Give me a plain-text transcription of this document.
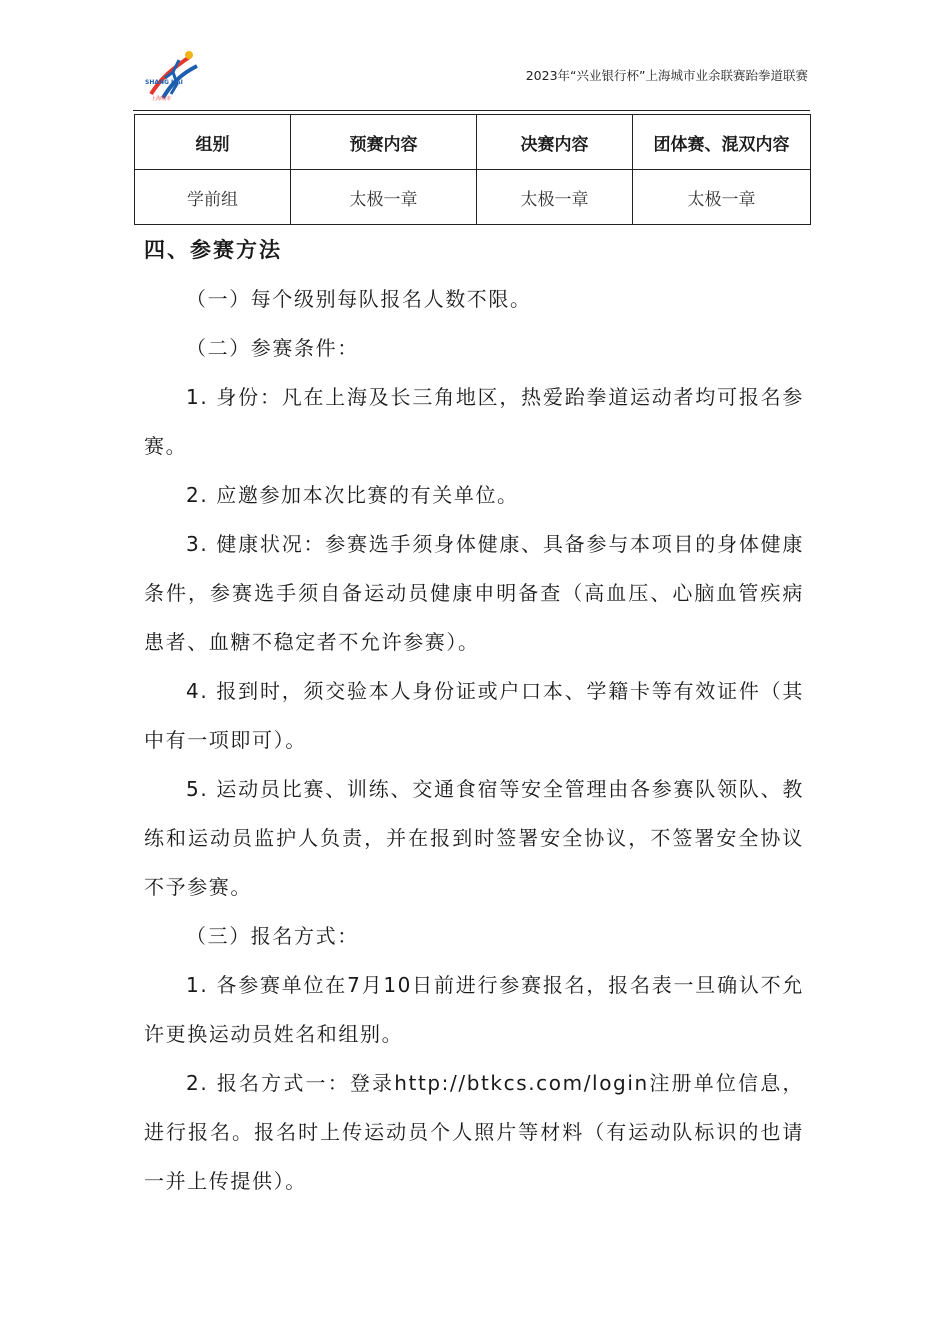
SHANG HAI
上海城市
2023年“兴业银行杯”上海城市业余联赛跆拳道联赛
组别	预赛内容	决赛内容	团体赛、混双内容
学前组	太极一章	太极一章	太极一章

四、参赛方法

（一）每个级别每队报名人数不限。

（二）参赛条件：

1. 身份：凡在上海及长三角地区，热爱跆拳道运动者均可报名参赛。

2. 应邀参加本次比赛的有关单位。

3. 健康状况：参赛选手须身体健康、具备参与本项目的身体健康条件，参赛选手须自备运动员健康申明备查（高血压、心脑血管疾病患者、血糖不稳定者不允许参赛）。

4. 报到时，须交验本人身份证或户口本、学籍卡等有效证件（其中有一项即可）。

5. 运动员比赛、训练、交通食宿等安全管理由各参赛队领队、教练和运动员监护人负责，并在报到时签署安全协议，不签署安全协议不予参赛。

（三）报名方式：

1. 各参赛单位在7月10日前进行参赛报名，报名表一旦确认不允许更换运动员姓名和组别。

2. 报名方式一：登录http://btkcs.com/login注册单位信息，进行报名。报名时上传运动员个人照片等材料（有运动队标识的也请一并上传提供）。
